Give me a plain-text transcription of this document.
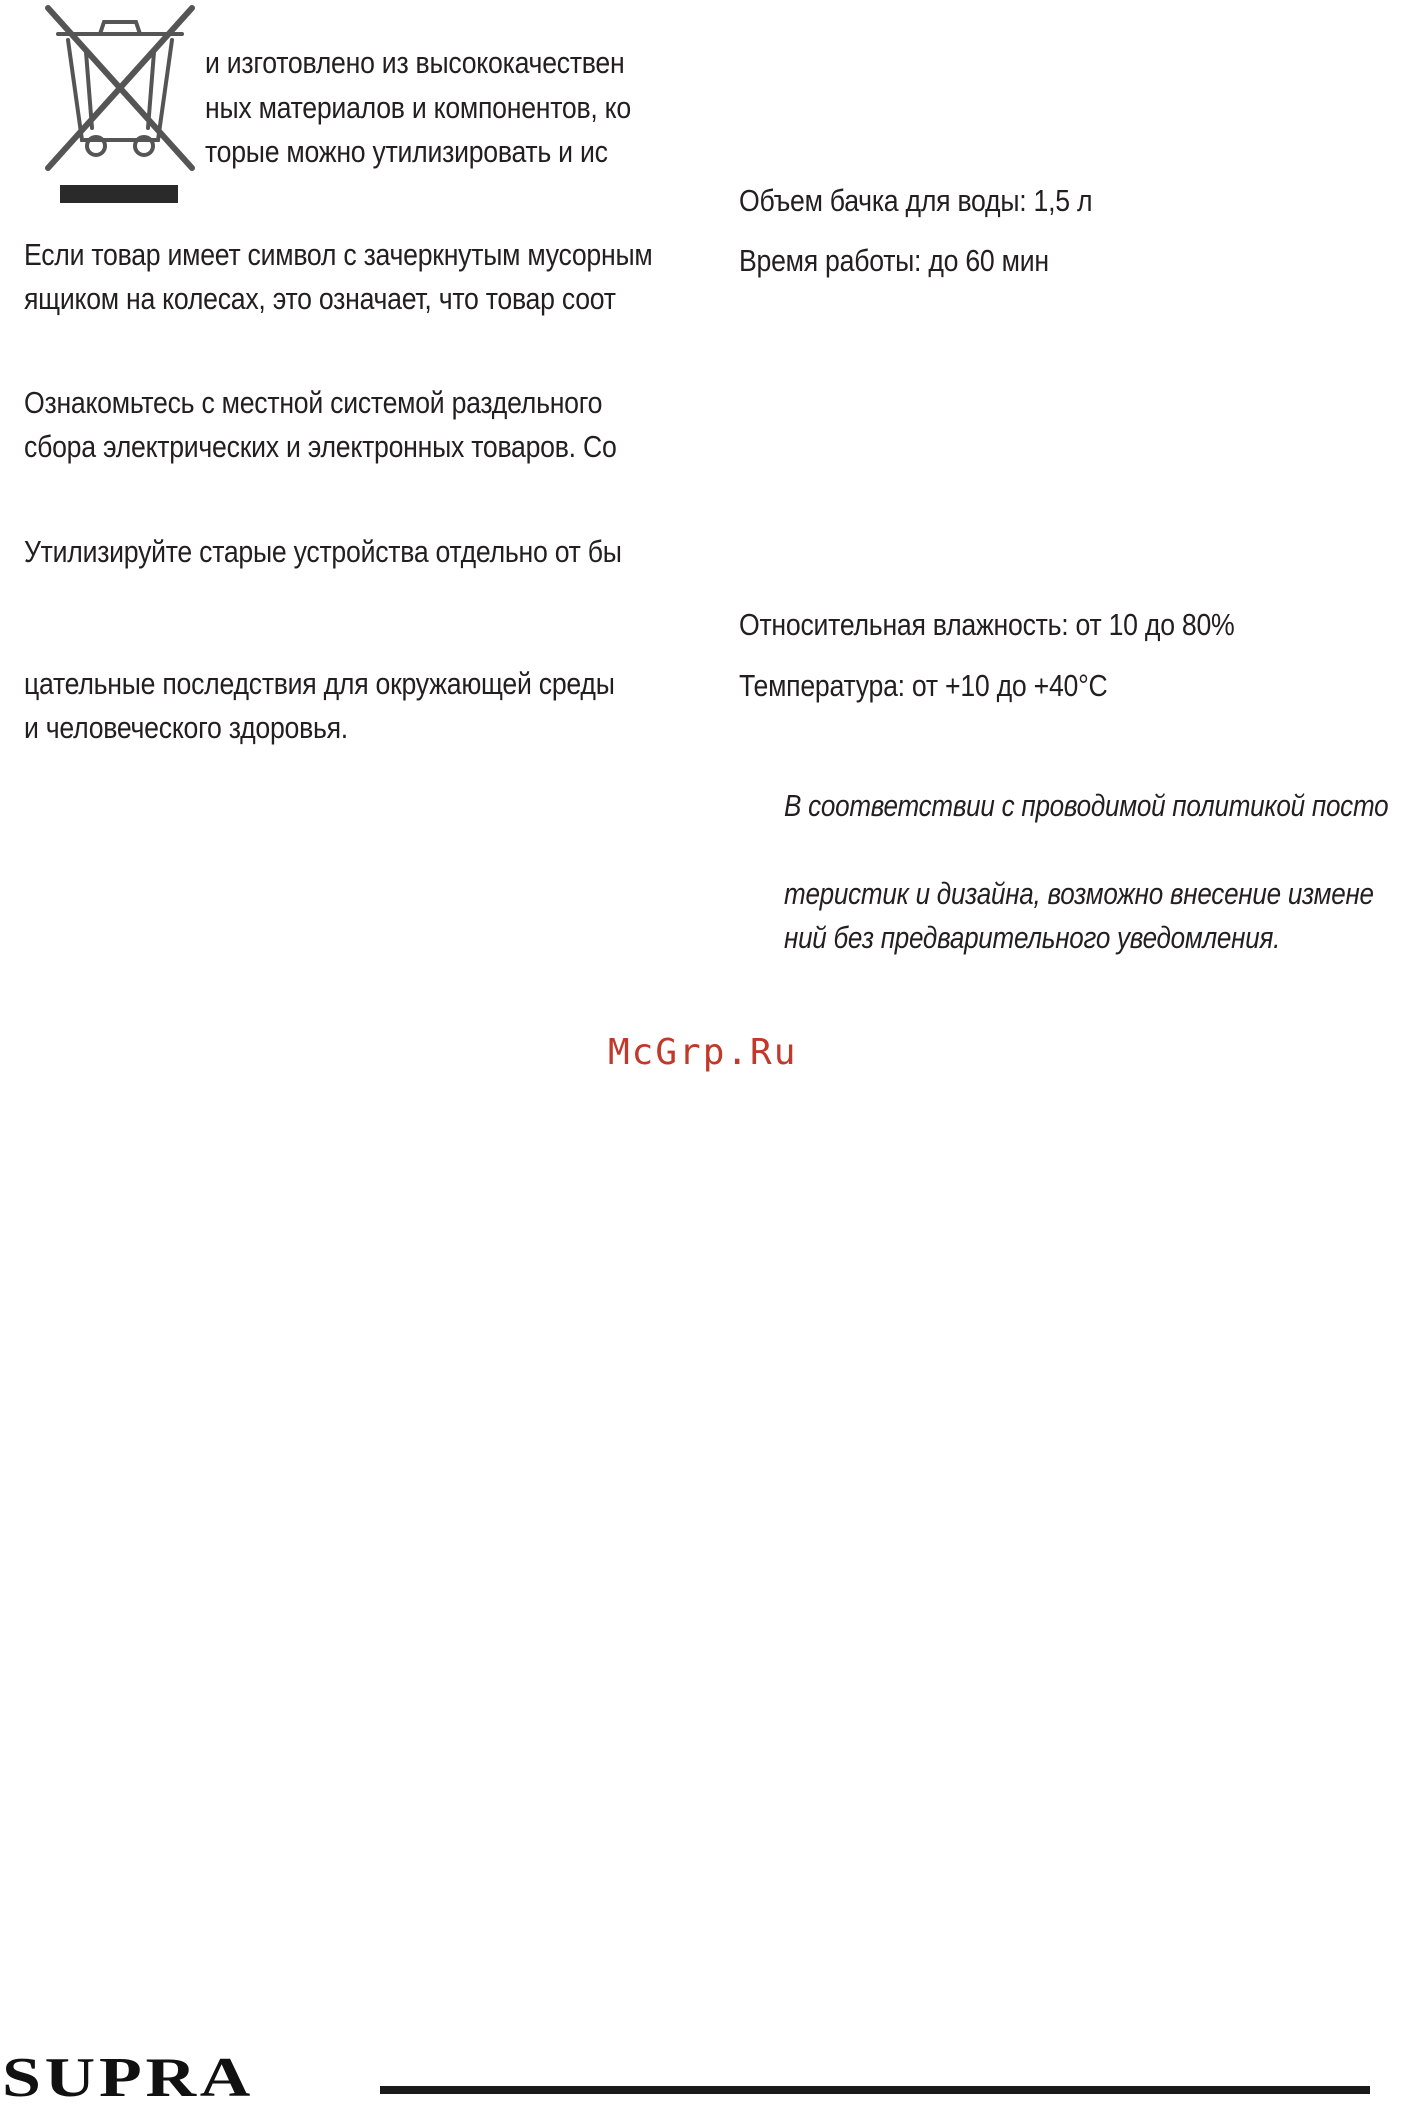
и изготовлено из высококачествен
ных материалов и компонентов, ко
торые можно утилизировать и ис
Если товар имеет символ с зачеркнутым мусорным
ящиком на колесах, это означает, что товар соот
Ознакомьтесь с местной системой раздельного
сбора электрических и электронных товаров. Со
Утилизируйте старые устройства отдельно от бы
цательные последствия для окружающей среды
и человеческого здоровья.
Объем бачка для воды: 1,5 л
Время работы: до 60 мин
Относительная влажность: от 10 до 80%
Температура: от +10 до +40°С
В соответствии с проводимой политикой посто
теристик и дизайна, возможно внесение измене
ний без предварительного уведомления.
McGrp.Ru
SUPRA
